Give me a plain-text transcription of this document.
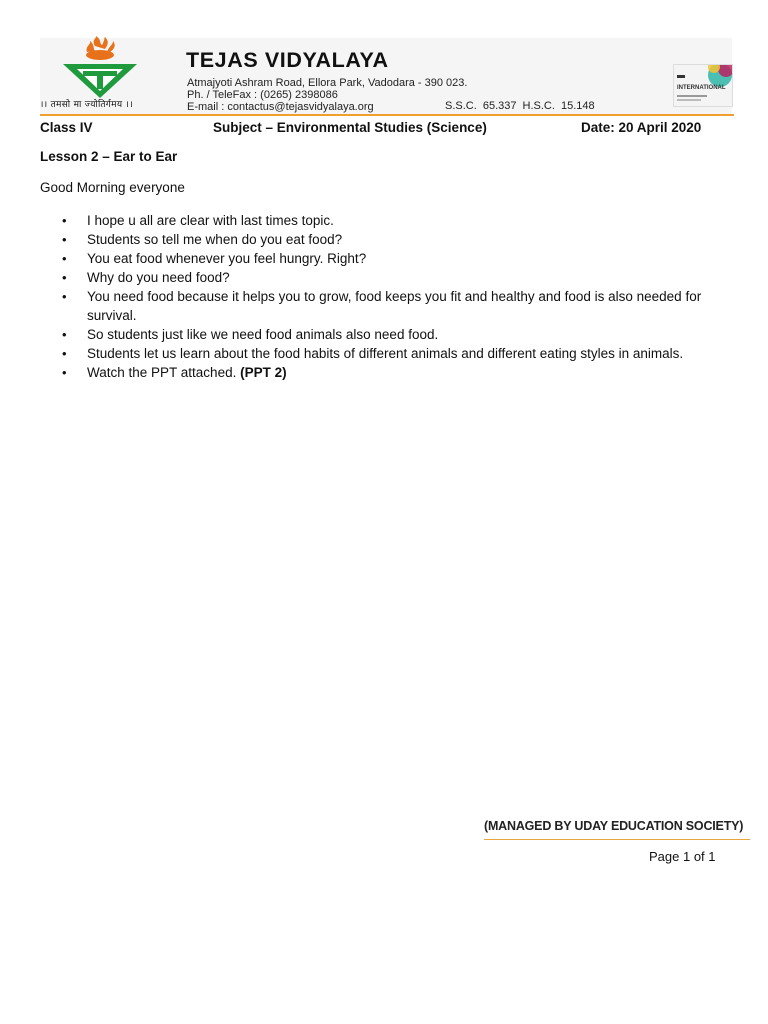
।। तमसो मा ज्योतिर्गमय ।।
TEJAS VIDYALAYA
Atmajyoti Ashram Road, Ellora Park, Vadodara - 390 023.
Ph. / TeleFax : (0265) 2398086
E-mail : contactus@tejasvidyalaya.org	S.S.C. 65.337 H.S.C. 15.148
INTERNATIONAL
Class IV	Subject – Environmental Studies (Science)	Date: 20 April 2020
Lesson 2 – Ear to Ear
Good Morning everyone
• I hope u all are clear with last times topic.
• Students so tell me when do you eat food?
• You eat food whenever you feel hungry. Right?
• Why do you need food?
• You need food because it helps you to grow, food keeps you fit and healthy and food is also needed for survival.
• So students just like we need food animals also need food.
• Students let us learn about the food habits of different animals and different eating styles in animals.
• Watch the PPT attached. (PPT 2)
(MANAGED BY UDAY EDUCATION SOCIETY)
Page 1 of 1
